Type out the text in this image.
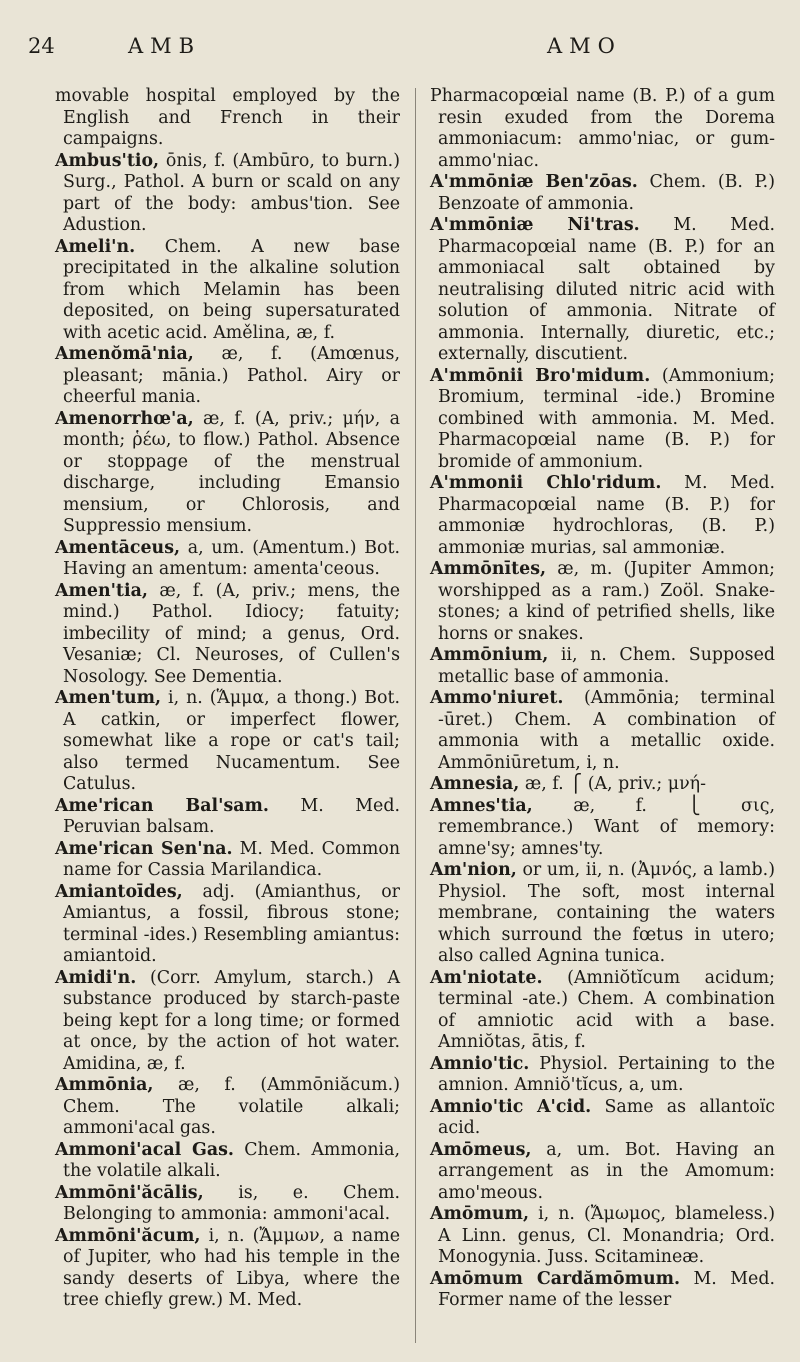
24	AMB	AMO

movable hospital employed by the English and French in their campaigns.

Ambus'tio, ōnis, f. (Ambūro, to burn.) Surg., Pathol. A burn or scald on any part of the body: ambus'tion. See Adustion.

Ameli'n. Chem. A new base precipitated in the alkaline solution from which Melamin has been deposited, on being supersaturated with acetic acid. Amělina, æ, f.

Amenŏmā'nia, æ, f. (Amœnus, pleasant; mānia.) Pathol. Airy or cheerful mania.

Amenorrhœ'a, æ, f. (A, priv.; μήν, a month; ῥέω, to flow.) Pathol. Absence or stoppage of the menstrual discharge, including Emansio mensium, or Chlorosis, and Suppressio mensium.

Amentāceus, a, um. (Amentum.) Bot. Having an amentum: amenta'ceous.

Amen'tia, æ, f. (A, priv.; mens, the mind.) Pathol. Idiocy; fatuity; imbecility of mind; a genus, Ord. Vesaniæ; Cl. Neuroses, of Cullen's Nosology. See Dementia.

Amen'tum, i, n. (Ἅμμα, a thong.) Bot. A catkin, or imperfect flower, somewhat like a rope or cat's tail; also termed Nucamentum. See Catulus.

Ame'rican Bal'sam. M. Med. Peruvian balsam.

Ame'rican Sen'na. M. Med. Common name for Cassia Marilandica.

Amiantoīdes, adj. (Amianthus, or Amiantus, a fossil, fibrous stone; terminal -ides.) Resembling amiantus: amiantoid.

Amidi'n. (Corr. Amylum, starch.) A substance produced by starch-paste being kept for a long time; or formed at once, by the action of hot water. Amidina, æ, f.

Ammōnia, æ, f. (Ammōniăcum.) Chem. The volatile alkali; ammoni'acal gas.

Ammoni'acal Gas. Chem. Ammonia, the volatile alkali.

Ammōni'ăcālis, is, e. Chem. Belonging to ammonia: ammoni'acal.

Ammōni'ăcum, i, n. (Ἄμμων, a name of Jupiter, who had his temple in the sandy deserts of Libya, where the tree chiefly grew.) M. Med.

Pharmacopœial name (B. P.) of a gum resin exuded from the Dorema ammoniacum: ammo'niac, or gum-ammo'niac.

A'mmōniæ Ben'zōas. Chem. (B. P.) Benzoate of ammonia.

A'mmōniæ Ni'tras. M. Med. Pharmacopœial name (B. P.) for an ammoniacal salt obtained by neutralising diluted nitric acid with solution of ammonia. Nitrate of ammonia. Internally, diuretic, etc.; externally, discutient.

A'mmōnii Bro'midum. (Ammonium; Bromium, terminal -ide.) Bromine combined with ammonia. M. Med. Pharmacopœial name (B. P.) for bromide of ammonium.

A'mmonii Chlo'ridum. M. Med. Pharmacopœial name (B. P.) for ammoniæ hydrochloras, (B. P.) ammoniæ murias, sal ammoniæ.

Ammōnītes, æ, m. (Jupiter Ammon; worshipped as a ram.) Zoöl. Snake-stones; a kind of petrified shells, like horns or snakes.

Ammōnium, ii, n. Chem. Supposed metallic base of ammonia.

Ammo'niuret. (Ammōnia; terminal -ūret.) Chem. A combination of ammonia with a metallic oxide. Ammōniūretum, i, n.

Amnesia, æ, f. ⎧ (A, priv.; μνή-

Amnes'tia, æ, f. ⎩ σις, remembrance.) Want of memory: amne'sy; amnes'ty.

Am'nion, or um, ii, n. (Ἀμνός, a lamb.) Physiol. The soft, most internal membrane, containing the waters which surround the fœtus in utero; also called Agnina tunica.

Am'niotate. (Amniŏtĭcum acidum; terminal -ate.) Chem. A combination of amniotic acid with a base. Amniŏtas, ātis, f.

Amnio'tic. Physiol. Pertaining to the amnion. Amniŏ'tĭcus, a, um.

Amnio'tic A'cid. Same as allantoïc acid.

Amōmeus, a, um. Bot. Having an arrangement as in the Amomum: amo'meous.

Amōmum, i, n. (Ἄμωμος, blameless.) A Linn. genus, Cl. Monandria; Ord. Monogynia. Juss. Scitamineæ.

Amōmum Cardămōmum. M. Med. Former name of the lesser
